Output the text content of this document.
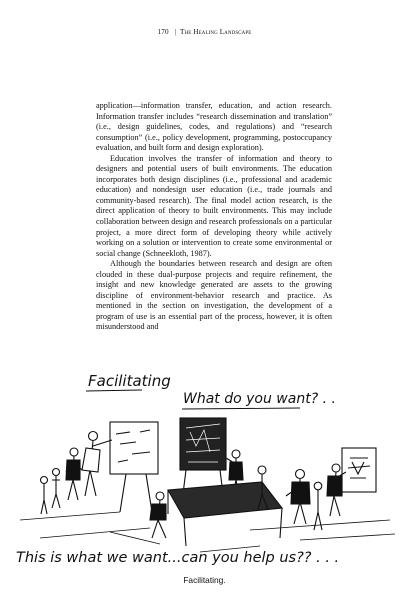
170 | The Healing Landscape

application—information transfer, education, and action research. Information transfer includes “research dissemination and translation” (i.e., design guidelines, codes, and regulations) and “research consumption” (i.e., policy development, programming, postoccupancy evaluation, and built form and design exploration).

Education involves the transfer of information and theory to designers and potential users of built environments. The education incorporates both design disciplines (i.e., professional and academic education) and nondesign user education (i.e., trade journals and community-based research). The final model action research, is the direct application of theory to built environments. This may include collaboration between design and research professionals on a particular project, a more direct form of developing theory while actively working on a solution or intervention to create some environmental or social change (Schneekloth, 1987).

Although the boundaries between research and design are often clouded in these dual-purpose projects and require refinement, the insight and new knowledge generated are assets to the growing discipline of environment-behavior research and practice. As mentioned in the section on investigation, the development of a program of use is an essential part of the process, however, it is often misunderstood and

Facilitating
What do you want? . .
This is what we want...can you help us?? . . .
Facilitating.
